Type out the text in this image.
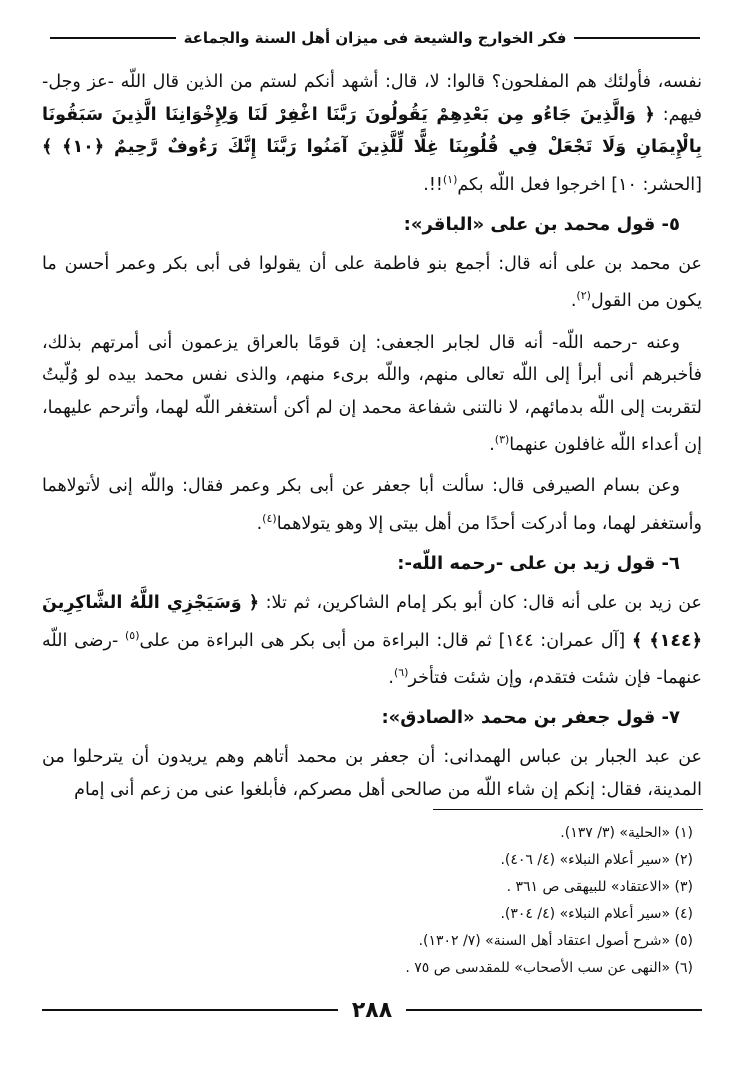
فكر الخوارج والشيعة فى ميزان أهل السنة والجماعة

نفسه، فأولئك هم المفلحون؟ قالوا: لا، قال: أشهد أنكم لستم من الذين قال اللّه -عز وجل- فيهم: ﴿ وَالَّذِينَ جَاءُو مِن بَعْدِهِمْ يَقُولُونَ رَبَّنَا اغْفِرْ لَنَا وَلِإِخْوَانِنَا الَّذِينَ سَبَقُونَا بِالْإِيمَانِ وَلَا تَجْعَلْ فِي قُلُوبِنَا غِلًّا لِّلَّذِينَ آمَنُوا رَبَّنَا إِنَّكَ رَءُوفٌ رَّحِيمٌ ﴿١٠﴾ ﴾ [الحشر: ١٠] اخرجوا فعل اللّه بكم$^{(١)}$!!.

٥- قول محمد بن على «الباقر»:

عن محمد بن على أنه قال: أجمع بنو فاطمة على أن يقولوا فى أبى بكر وعمر أحسن ما يكون من القول$^{(٢)}$.

وعنه -رحمه اللّه- أنه قال لجابر الجعفى: إن قومًا بالعراق يزعمون أنى أمرتهم بذلك، فأخبرهم أنى أبرأ إلى اللّه تعالى منهم، واللّه برىء منهم، والذى نفس محمد بيده لو وُلّيتُ لتقربت إلى اللّه بدمائهم، لا نالتنى شفاعة محمد إن لم أكن أستغفر اللّه لهما، وأترحم عليهما، إن أعداء اللّه غافلون عنهما$^{(٣)}$.

وعن بسام الصيرفى قال: سألت أبا جعفر عن أبى بكر وعمر فقال: واللّه إنى لأتولاهما وأستغفر لهما، وما أدركت أحدًا من أهل بيتى إلا وهو يتولاهما$^{(٤)}$.

٦- قول زيد بن على -رحمه اللّه-:

عن زيد بن على أنه قال: كان أبو بكر إمام الشاكرين، ثم تلا: ﴿ وَسَيَجْزِي اللَّهُ الشَّاكِرِينَ ﴿١٤٤﴾ ﴾ [آل عمران: ١٤٤] ثم قال: البراءة من أبى بكر هى البراءة من على$^{(٥)}$ -رضى اللّه عنهما- فإن شئت فتقدم، وإن شئت فتأخر$^{(٦)}$.

٧- قول جعفر بن محمد «الصادق»:

عن عبد الجبار بن عباس الهمدانى: أن جعفر بن محمد أتاهم وهم يريدون أن يترحلوا من المدينة، فقال: إنكم إن شاء اللّه من صالحى أهل مصركم، فأبلغوا عنى من زعم أنى إمام

(١) «الحلية» (٣/ ١٣٧).
(٢) «سير أعلام النبلاء» (٤/ ٤٠٦).
(٣) «الاعتقاد» للبيهقى ص ٣٦١ .
(٤) «سير أعلام النبلاء» (٤/ ٣٠٤).
(٥) «شرح أصول اعتقاد أهل السنة» (٧/ ١٣٠٢).
(٦) «النهى عن سب الأصحاب» للمقدسى ص ٧٥ .
٢٨٨
